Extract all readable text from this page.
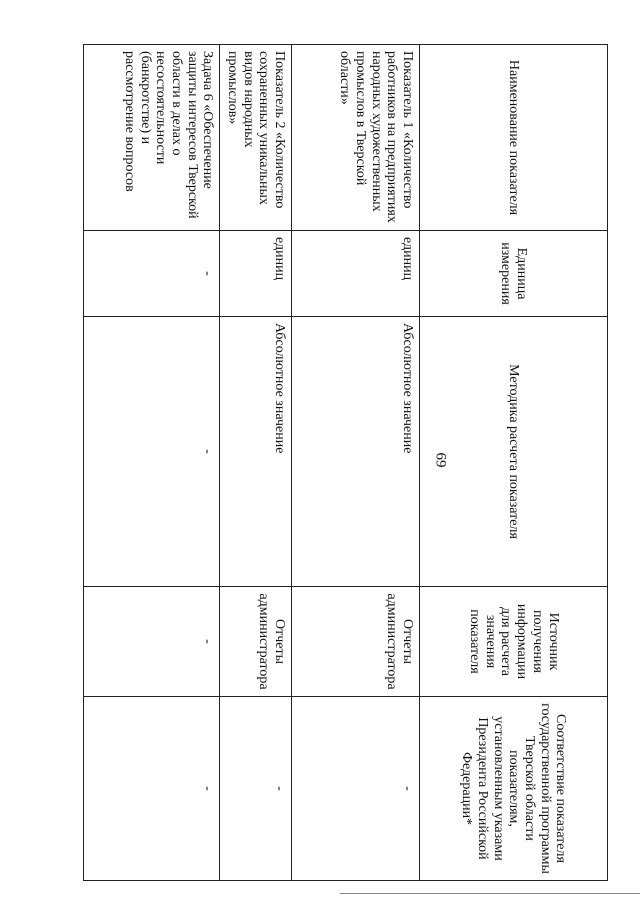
69
Наименование показателя	Единица измерения	Методика расчета показателя	Источник получения информации для расчета значения показателя	Соответствие показателя государственной программы Тверской области показателям, установленным указами Президента Российской Федерации*
Показатель 1 «Количество работников на предприятиях народных художественных промыслов в Тверской области»	единиц	Абсолютное значение	Отчеты администратора	-
Показатель 2 «Количество сохраненных уникальных видов народных промыслов»	единиц	Абсолютное значение	Отчеты администратора	-
Задача 6 «Обеспечение защиты интересов Тверской области в делах о несостоятельности (банкротстве) и рассмотрение вопросов	-	-	-	-
